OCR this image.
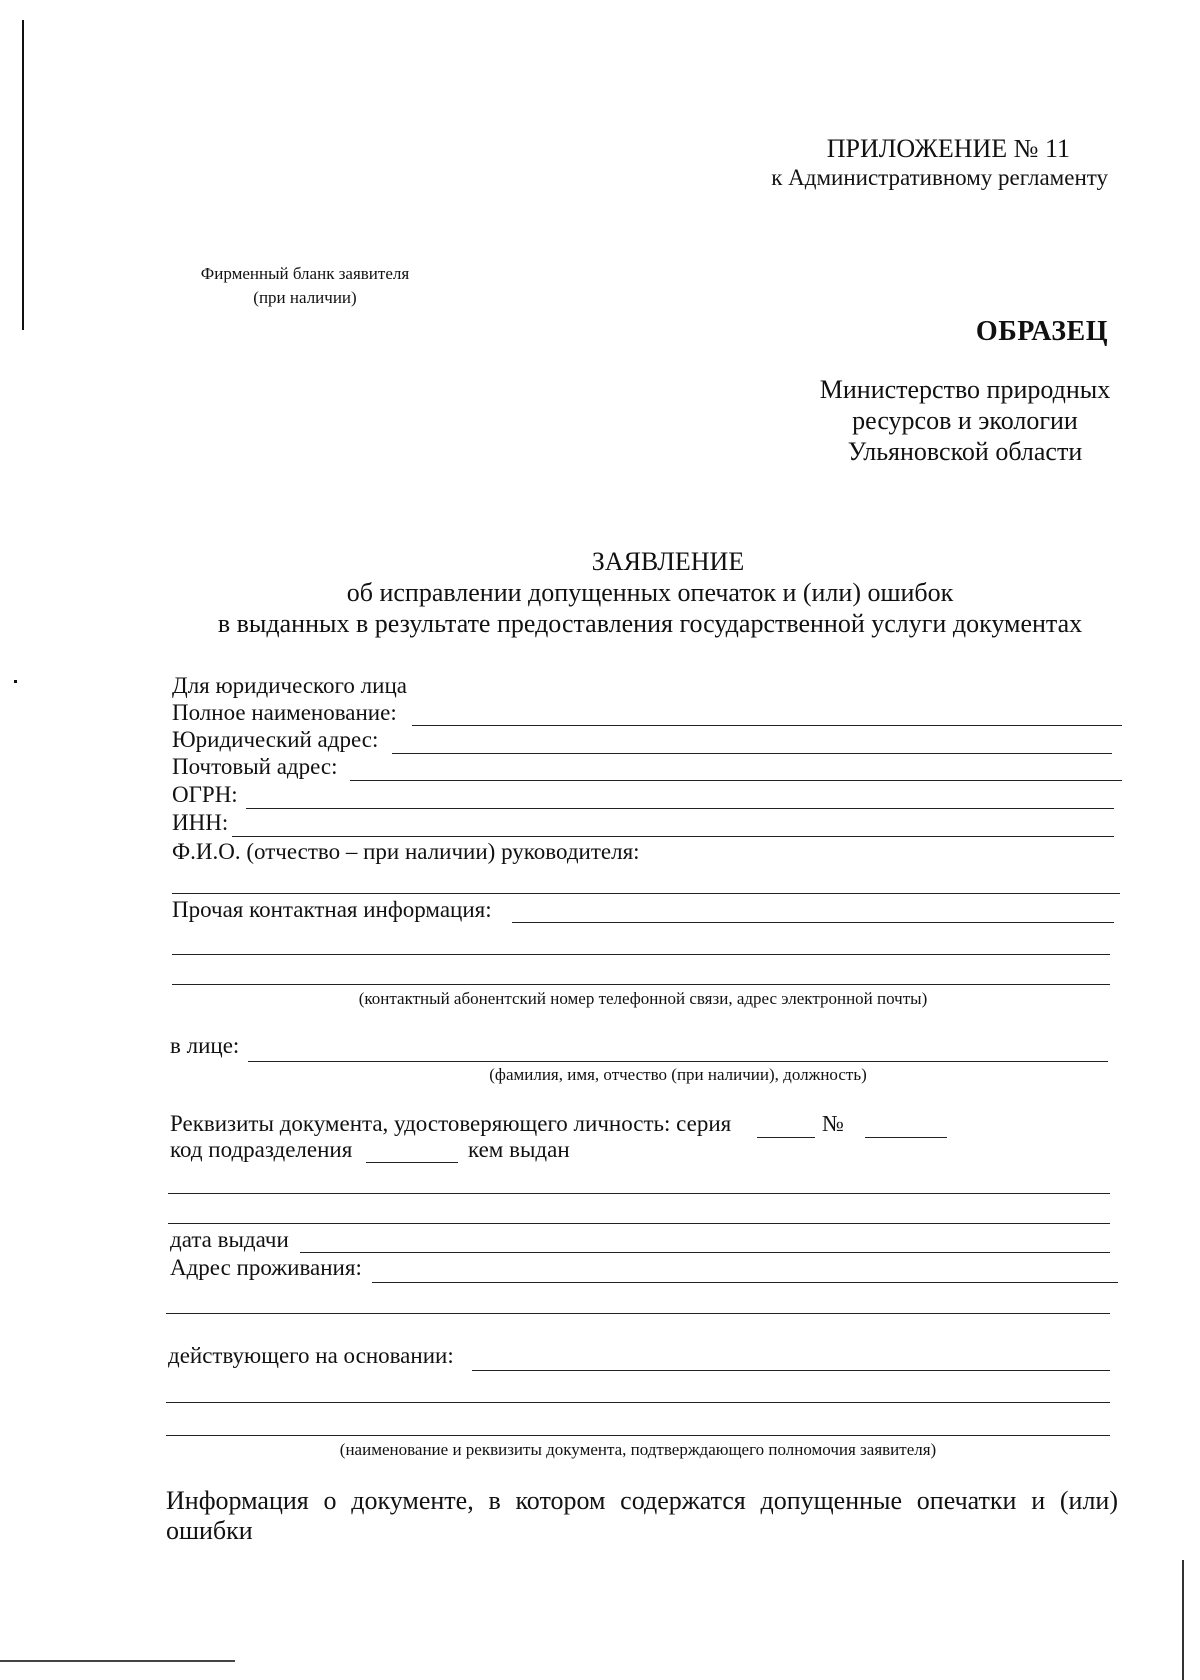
ПРИЛОЖЕНИЕ № 11
к Административному регламенту
Фирменный бланк заявителя
(при наличии)
ОБРАЗЕЦ
Министерство природных
ресурсов и экологии
Ульяновской области
ЗАЯВЛЕНИЕ
об исправлении допущенных опечаток и (или) ошибок
в выданных в результате предоставления государственной услуги документах
Для юридического лица
Полное наименование:
Юридический адрес:
Почтовый адрес:
ОГРН:
ИНН:
Ф.И.О. (отчество – при наличии) руководителя:
Прочая контактная информация:
(контактный абонентский номер телефонной связи, адрес электронной почты)
в лице:
(фамилия, имя, отчество (при наличии), должность)
Реквизиты документа, удостоверяющего личность: серия	№
код подразделения	кем выдан
дата выдачи
Адрес проживания:
действующего на основании:
(наименование и реквизиты документа, подтверждающего полномочия заявителя)
Информация о документе, в котором содержатся допущенные опечатки и (или) ошибки
